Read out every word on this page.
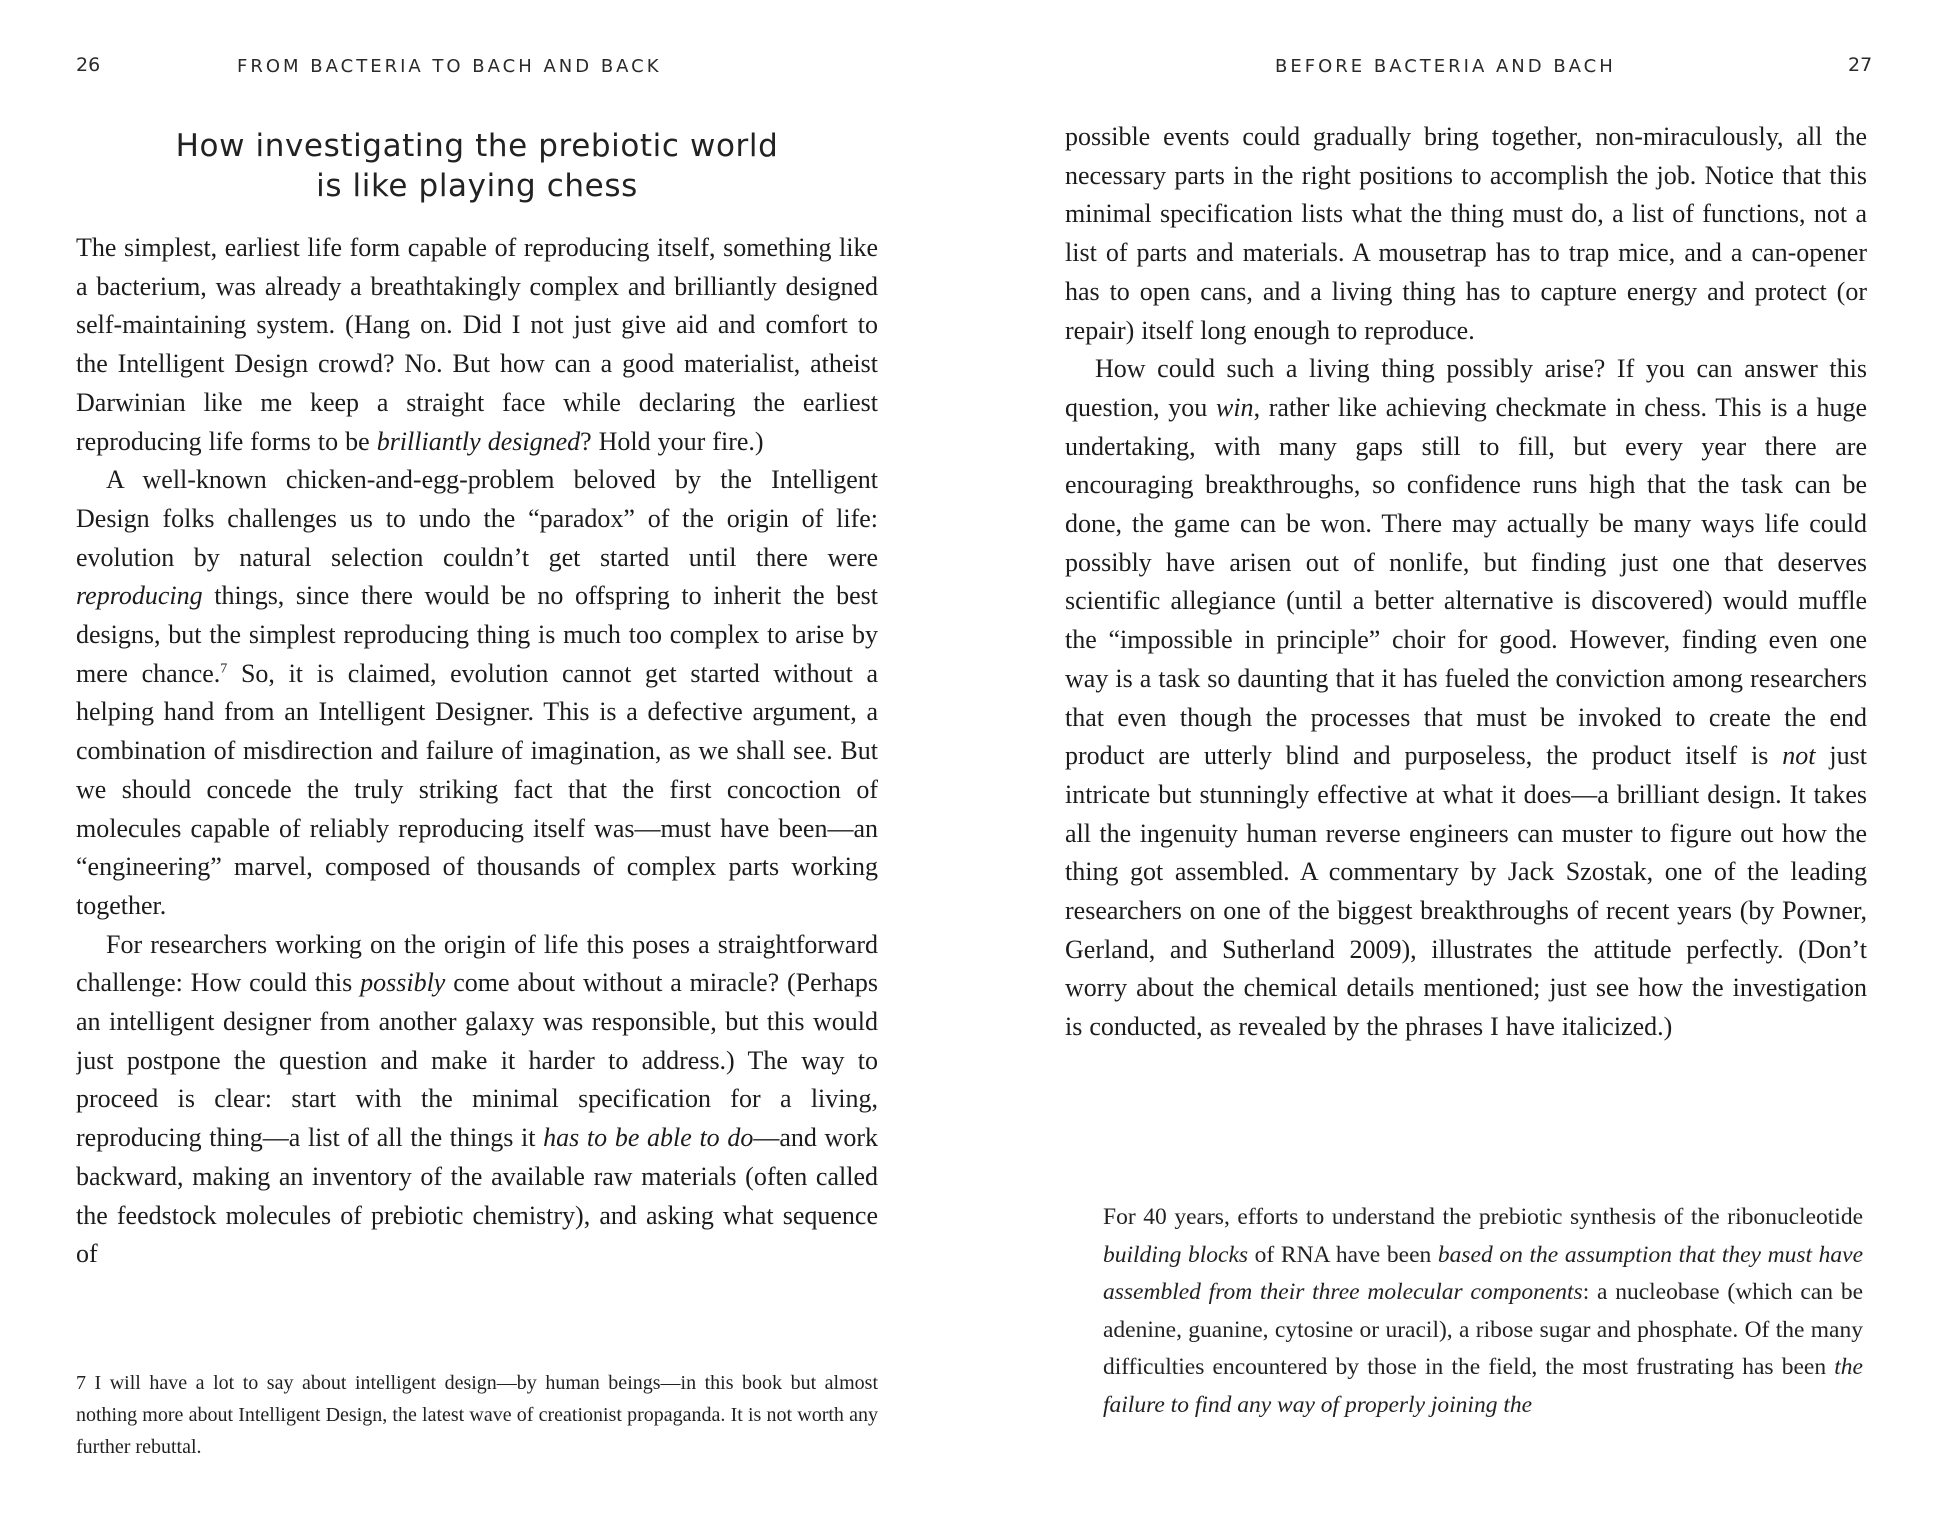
26	FROM BACTERIA TO BACH AND BACK
How investigating the prebiotic world
is like playing chess

The simplest, earliest life form capable of reproducing itself, something like a bacterium, was already a breathtakingly complex and brilliantly designed self-maintaining system. (Hang on. Did I not just give aid and comfort to the Intelligent Design crowd? No. But how can a good materialist, atheist Darwinian like me keep a straight face while declaring the earliest reproducing life forms to be brilliantly designed? Hold your fire.)

A well-known chicken-and-egg-problem beloved by the Intelligent Design folks challenges us to undo the “paradox” of the origin of life: evolution by natural selection couldn’t get started until there were reproducing things, since there would be no offspring to inherit the best designs, but the simplest reproducing thing is much too complex to arise by mere chance.$^7$ So, it is claimed, evolution cannot get started without a helping hand from an Intelligent Designer. This is a defective argument, a combination of misdirection and failure of imagination, as we shall see. But we should concede the truly striking fact that the first concoction of molecules capable of reliably reproducing itself was—must have been—an “engineering” marvel, composed of thousands of complex parts working together.

For researchers working on the origin of life this poses a straightforward challenge: How could this possibly come about without a miracle? (Perhaps an intelligent designer from another galaxy was responsible, but this would just postpone the question and make it harder to address.) The way to proceed is clear: start with the minimal specification for a living, reproducing thing—a list of all the things it has to be able to do—and work backward, making an inventory of the available raw materials (often called the feedstock molecules of prebiotic chemistry), and asking what sequence of

7 I will have a lot to say about intelligent design—by human beings—in this book but almost nothing more about Intelligent Design, the latest wave of creationist propaganda. It is not worth any further rebuttal.
BEFORE BACTERIA AND BACH	27

possible events could gradually bring together, non-miraculously, all the necessary parts in the right positions to accomplish the job. Notice that this minimal specification lists what the thing must do, a list of functions, not a list of parts and materials. A mousetrap has to trap mice, and a can-opener has to open cans, and a living thing has to capture energy and protect (or repair) itself long enough to reproduce.

How could such a living thing possibly arise? If you can answer this question, you win, rather like achieving checkmate in chess. This is a huge undertaking, with many gaps still to fill, but every year there are encouraging breakthroughs, so confidence runs high that the task can be done, the game can be won. There may actually be many ways life could possibly have arisen out of nonlife, but finding just one that deserves scientific allegiance (until a better alternative is discovered) would muffle the “impossible in principle” choir for good. However, finding even one way is a task so daunting that it has fueled the conviction among researchers that even though the processes that must be invoked to create the end product are utterly blind and purposeless, the product itself is not just intricate but stunningly effective at what it does—a brilliant design. It takes all the ingenuity human reverse engineers can muster to figure out how the thing got assembled. A commentary by Jack Szostak, one of the leading researchers on one of the biggest breakthroughs of recent years (by Powner, Gerland, and Sutherland 2009), illustrates the attitude perfectly. (Don’t worry about the chemical details mentioned; just see how the investigation is conducted, as revealed by the phrases I have italicized.)

For 40 years, efforts to understand the prebiotic synthesis of the ribonucleotide building blocks of RNA have been based on the assumption that they must have assembled from their three molecular components: a nucleobase (which can be adenine, guanine, cytosine or uracil), a ribose sugar and phosphate. Of the many difficulties encountered by those in the field, the most frustrating has been the failure to find any way of properly joining the
